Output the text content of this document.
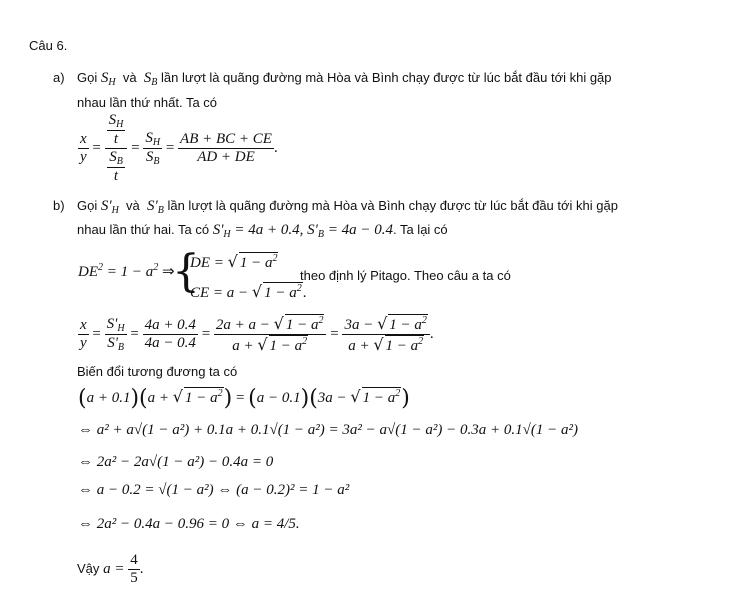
Câu 6.
a) Gọi $S_H$ và $S_B$ lần lượt là quãng đường mà Hòa và Bình chạy được từ lúc bắt đầu tới khi gặp
nhau lần thứ nhất. Ta có
$\frac{x}{y} = \frac{\frac{S_H}{t}}{\frac{S_B}{t}} = \frac{S_H}{S_B} = \frac{AB + BC + CE}{AD + DE}$ .
b) Gọi $S'_H$ và $S'_B$ lần lượt là quãng đường mà Hòa và Bình chạy được từ lúc bắt đầu tới khi gặp
nhau lần thứ hai. Ta có $S'_H = 4a + 0.4$, $S'_B = 4a - 0.4$. Ta lại có
$DE^2 = 1 - a^2$ ⇒
{
DE = √ $1 - a^2$
CE = a − √ $1 - a^2$.
theo định lý Pitago. Theo câu a ta có
$\frac{x}{y} = \frac{S'_H}{S'_B} = \frac{4a + 0.4}{4a - 0.4} = \frac{2a + a - √ 1 - a^2}{a + √ 1 - a^2} = \frac{3a - √ 1 - a^2}{a + √ 1 - a^2}$ .
Biến đổi tương đương ta có
(a + 0.1)(a + √ $1 - a^2) = (a - 0.1)(3a$ − √ $1 - a^2$)
⇔ a² + a√(1 − a²) + 0.1a + 0.1√(1 − a²) = 3a² − a√(1 − a²) − 0.3a + 0.1√(1 − a²)
⇔ 2a² − 2a√(1 − a²) − 0.4a = 0
⇔ a − 0.2 = √(1 − a²) ⇔ (a − 0.2)² = 1 − a²
⇔ 2a² − 0.4a − 0.96 = 0 ⇔ a = 4/5.
Vậy $a = \frac{4}{5}$ .
